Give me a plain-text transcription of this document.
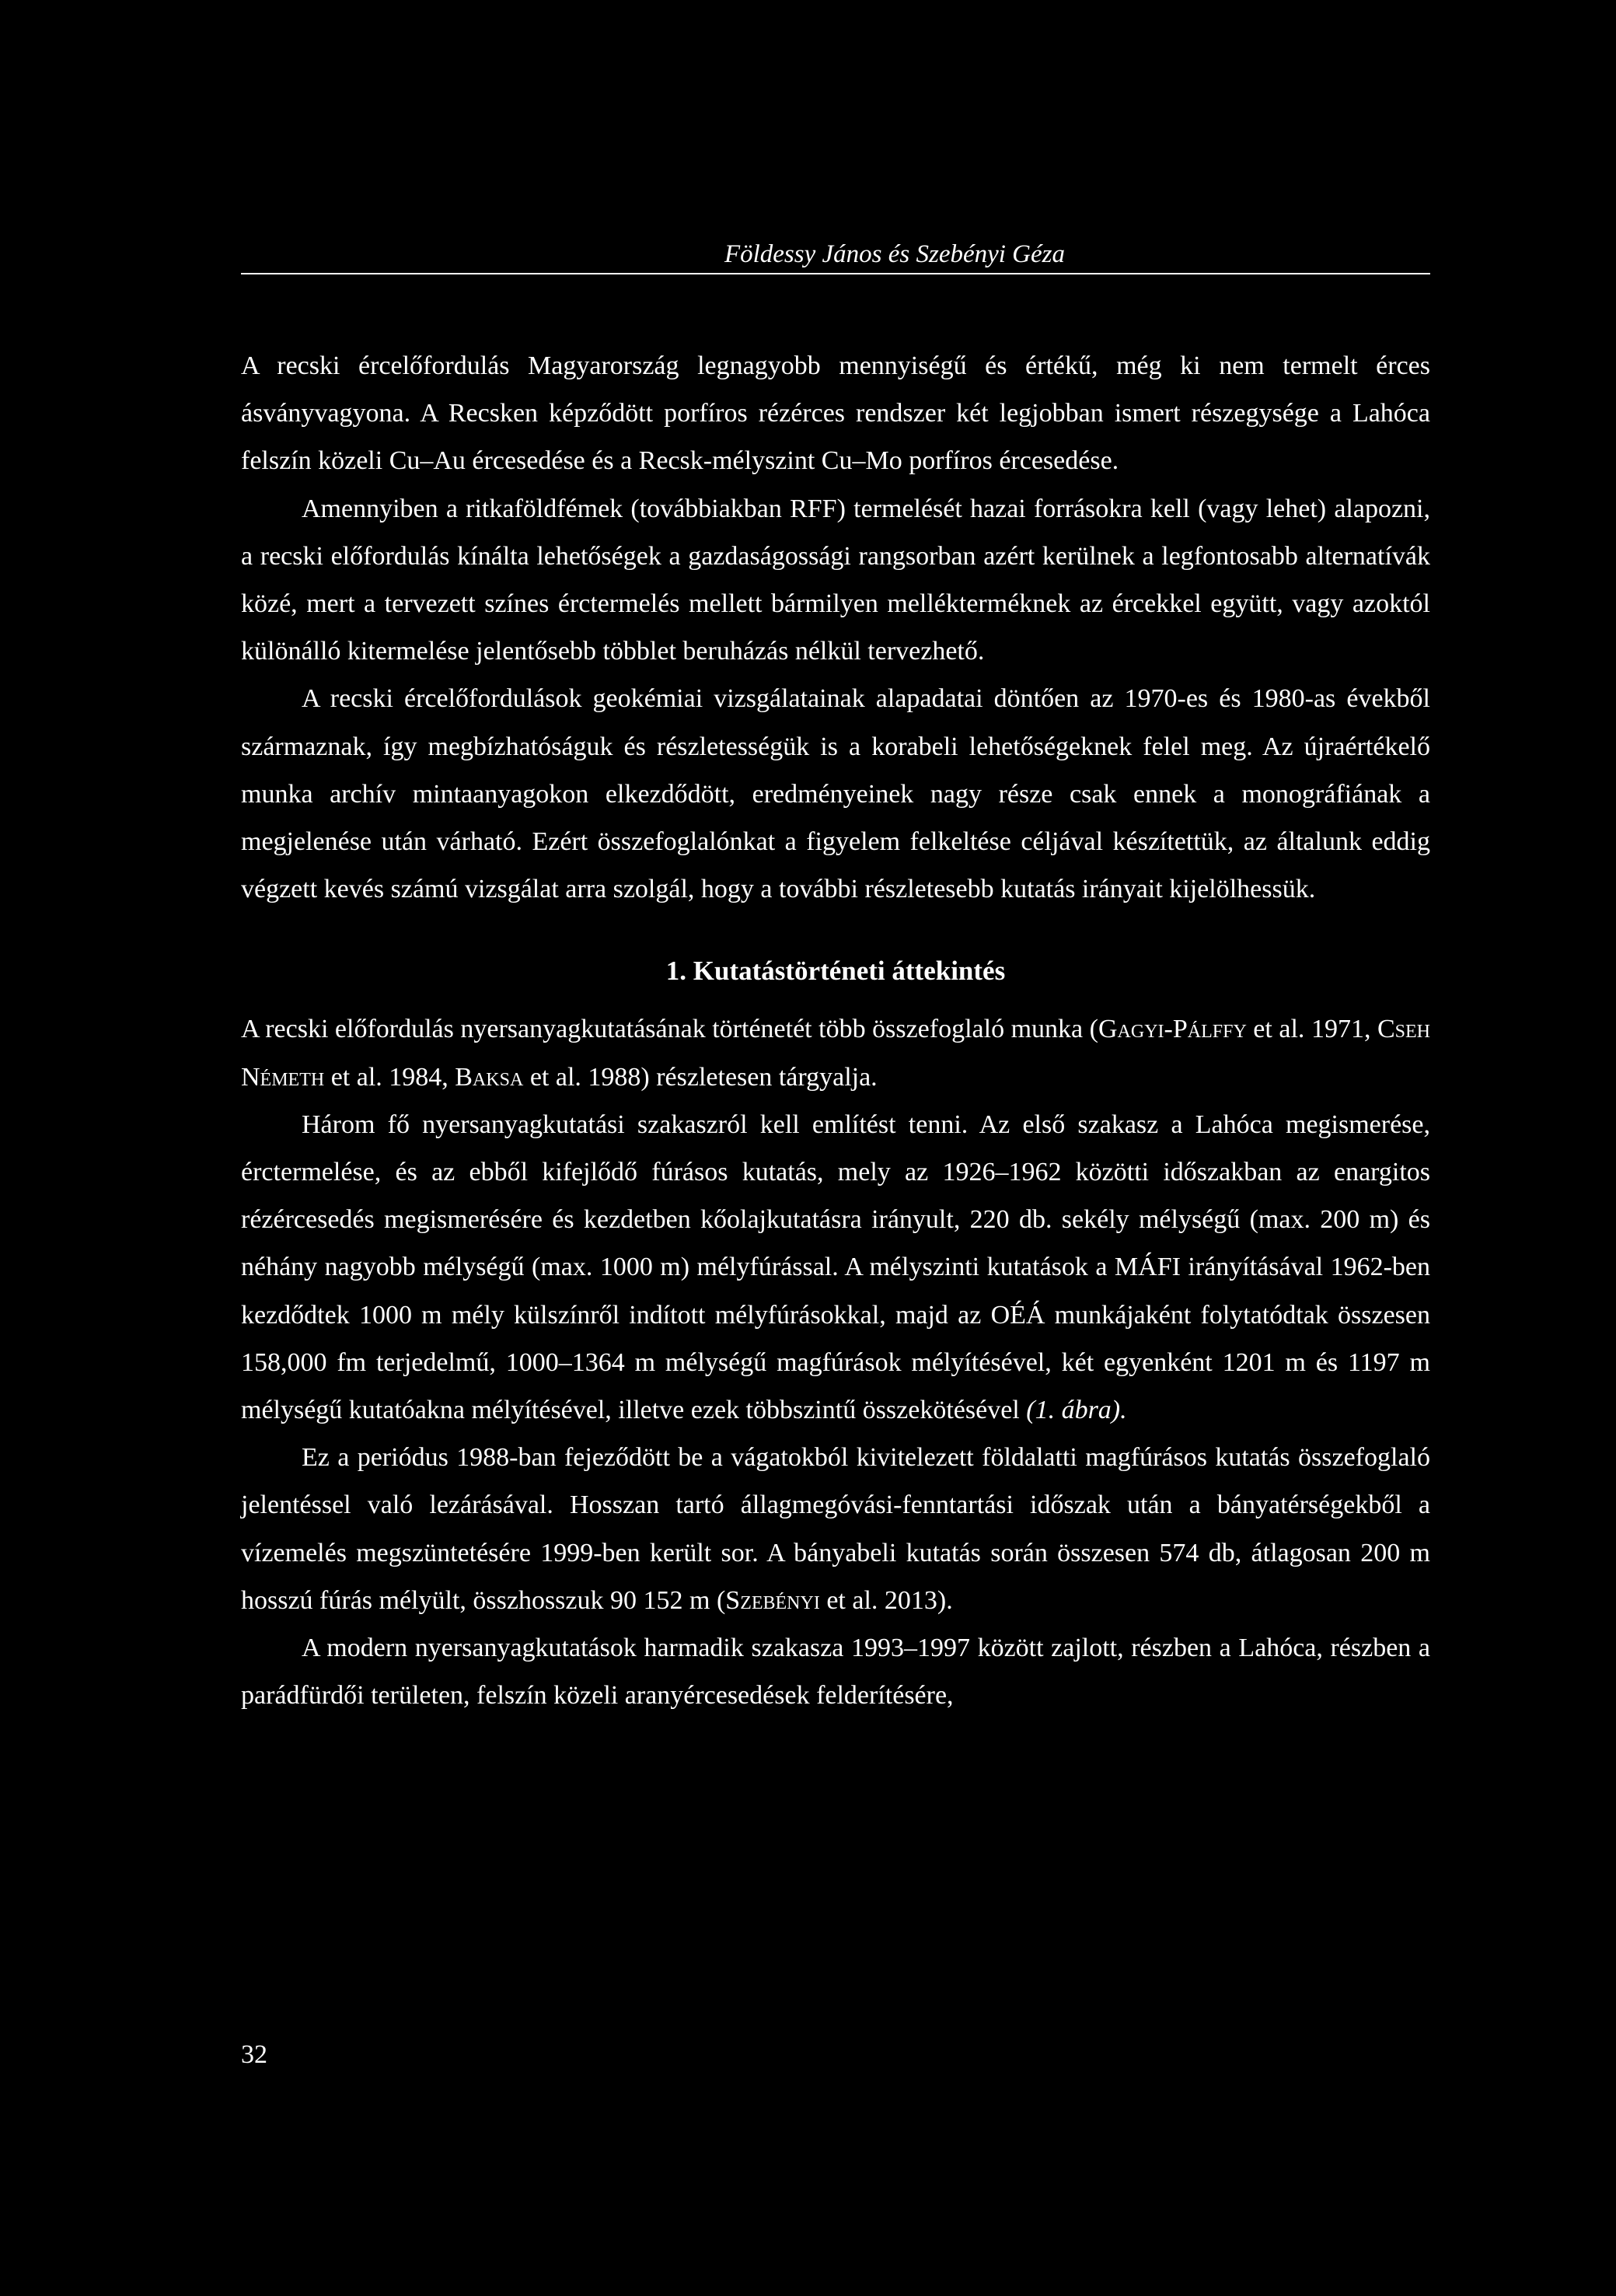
Földessy János és Szebényi Géza

A recski ércelőfordulás Magyarország legnagyobb mennyiségű és értékű, még ki nem termelt érces ásványvagyona. A Recsken képződött porfíros rézérces rendszer két legjobban ismert részegysége a Lahóca felszín közeli Cu–Au ércesedése és a Recsk-mélyszint Cu–Mo porfíros ércesedése.

Amennyiben a ritkaföldfémek (továbbiakban RFF) termelését hazai forrásokra kell (vagy lehet) alapozni, a recski előfordulás kínálta lehetőségek a gazdaságossági rangsorban azért kerülnek a legfontosabb alternatívák közé, mert a tervezett színes érctermelés mellett bármilyen mellékterméknek az ércekkel együtt, vagy azoktól különálló kitermelése jelentősebb többlet beruházás nélkül tervezhető.

A recski ércelőfordulások geokémiai vizsgálatainak alapadatai döntően az 1970-es és 1980-as évekből származnak, így megbízhatóságuk és részletességük is a korabeli lehetőségeknek felel meg. Az újraértékelő munka archív mintaanyagokon elkezdődött, eredményeinek nagy része csak ennek a monográfiának a megjelenése után várható. Ezért összefoglalónkat a figyelem felkeltése céljával készítettük, az általunk eddig végzett kevés számú vizsgálat arra szolgál, hogy a további részletesebb kutatás irányait kijelölhessük.

1. Kutatástörténeti áttekintés

A recski előfordulás nyersanyagkutatásának történetét több összefoglaló munka (Gagyi-Pálffy et al. 1971, Cseh Németh et al. 1984, Baksa et al. 1988) részletesen tárgyalja.

Három fő nyersanyagkutatási szakaszról kell említést tenni. Az első szakasz a Lahóca megismerése, érctermelése, és az ebből kifejlődő fúrásos kutatás, mely az 1926–1962 közötti időszakban az enargitos rézércesedés megismerésére és kezdetben kőolajkutatásra irányult, 220 db. sekély mélységű (max. 200 m) és néhány nagyobb mélységű (max. 1000 m) mélyfúrással. A mélyszinti kutatások a MÁFI irányításával 1962-ben kezdődtek 1000 m mély külszínről indított mélyfúrásokkal, majd az OÉÁ munkájaként folytatódtak összesen 158,000 fm terjedelmű, 1000–1364 m mélységű magfúrások mélyítésével, két egyenként 1201 m és 1197 m mélységű kutatóakna mélyítésével, illetve ezek többszintű összekötésével (1. ábra).

Ez a periódus 1988-ban fejeződött be a vágatokból kivitelezett földalatti magfúrásos kutatás összefoglaló jelentéssel való lezárásával. Hosszan tartó állagmegóvási-fenntartási időszak után a bányatérségekből a vízemelés megszüntetésére 1999-ben került sor. A bányabeli kutatás során összesen 574 db, átlagosan 200 m hosszú fúrás mélyült, összhosszuk 90 152 m (Szebényi et al. 2013).

A modern nyersanyagkutatások harmadik szakasza 1993–1997 között zajlott, részben a Lahóca, részben a parádfürdői területen, felszín közeli aranyércesedések felderítésére,

32
